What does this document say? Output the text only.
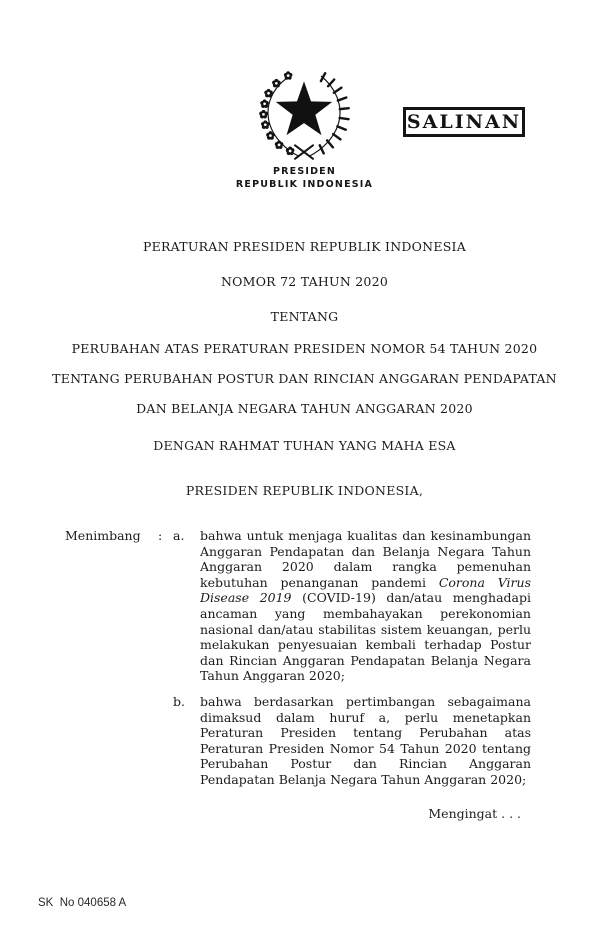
PRESIDEN
REPUBLIK INDONESIA
SALINAN
PERATURAN PRESIDEN REPUBLIK INDONESIA
NOMOR 72 TAHUN 2020
TENTANG
PERUBAHAN ATAS PERATURAN PRESIDEN NOMOR 54 TAHUN 2020
TENTANG PERUBAHAN POSTUR DAN RINCIAN ANGGARAN PENDAPATAN
DAN BELANJA NEGARA TAHUN ANGGARAN 2020
DENGAN RAHMAT TUHAN YANG MAHA ESA
PRESIDEN REPUBLIK INDONESIA,
Menimbang	: a.	bahwa untuk menjaga kualitas dan kesinambungan Anggaran Pendapatan dan Belanja Negara Tahun Anggaran 2020 dalam rangka pemenuhan kebutuhan penanganan pandemi Corona Virus Disease 2019 (COVID-19) dan/atau menghadapi ancaman yang membahayakan perekonomian nasional dan/atau stabilitas sistem keuangan, perlu melakukan penyesuaian kembali terhadap Postur dan Rincian Anggaran Pendapatan Belanja Negara Tahun Anggaran 2020;
b.	bahwa berdasarkan pertimbangan sebagaimana dimaksud dalam huruf a, perlu menetapkan Peraturan Presiden tentang Perubahan atas Peraturan Presiden Nomor 54 Tahun 2020 tentang Perubahan Postur dan Rincian Anggaran Pendapatan Belanja Negara Tahun Anggaran 2020;
Mengingat . . .
SK  No 040658 A
